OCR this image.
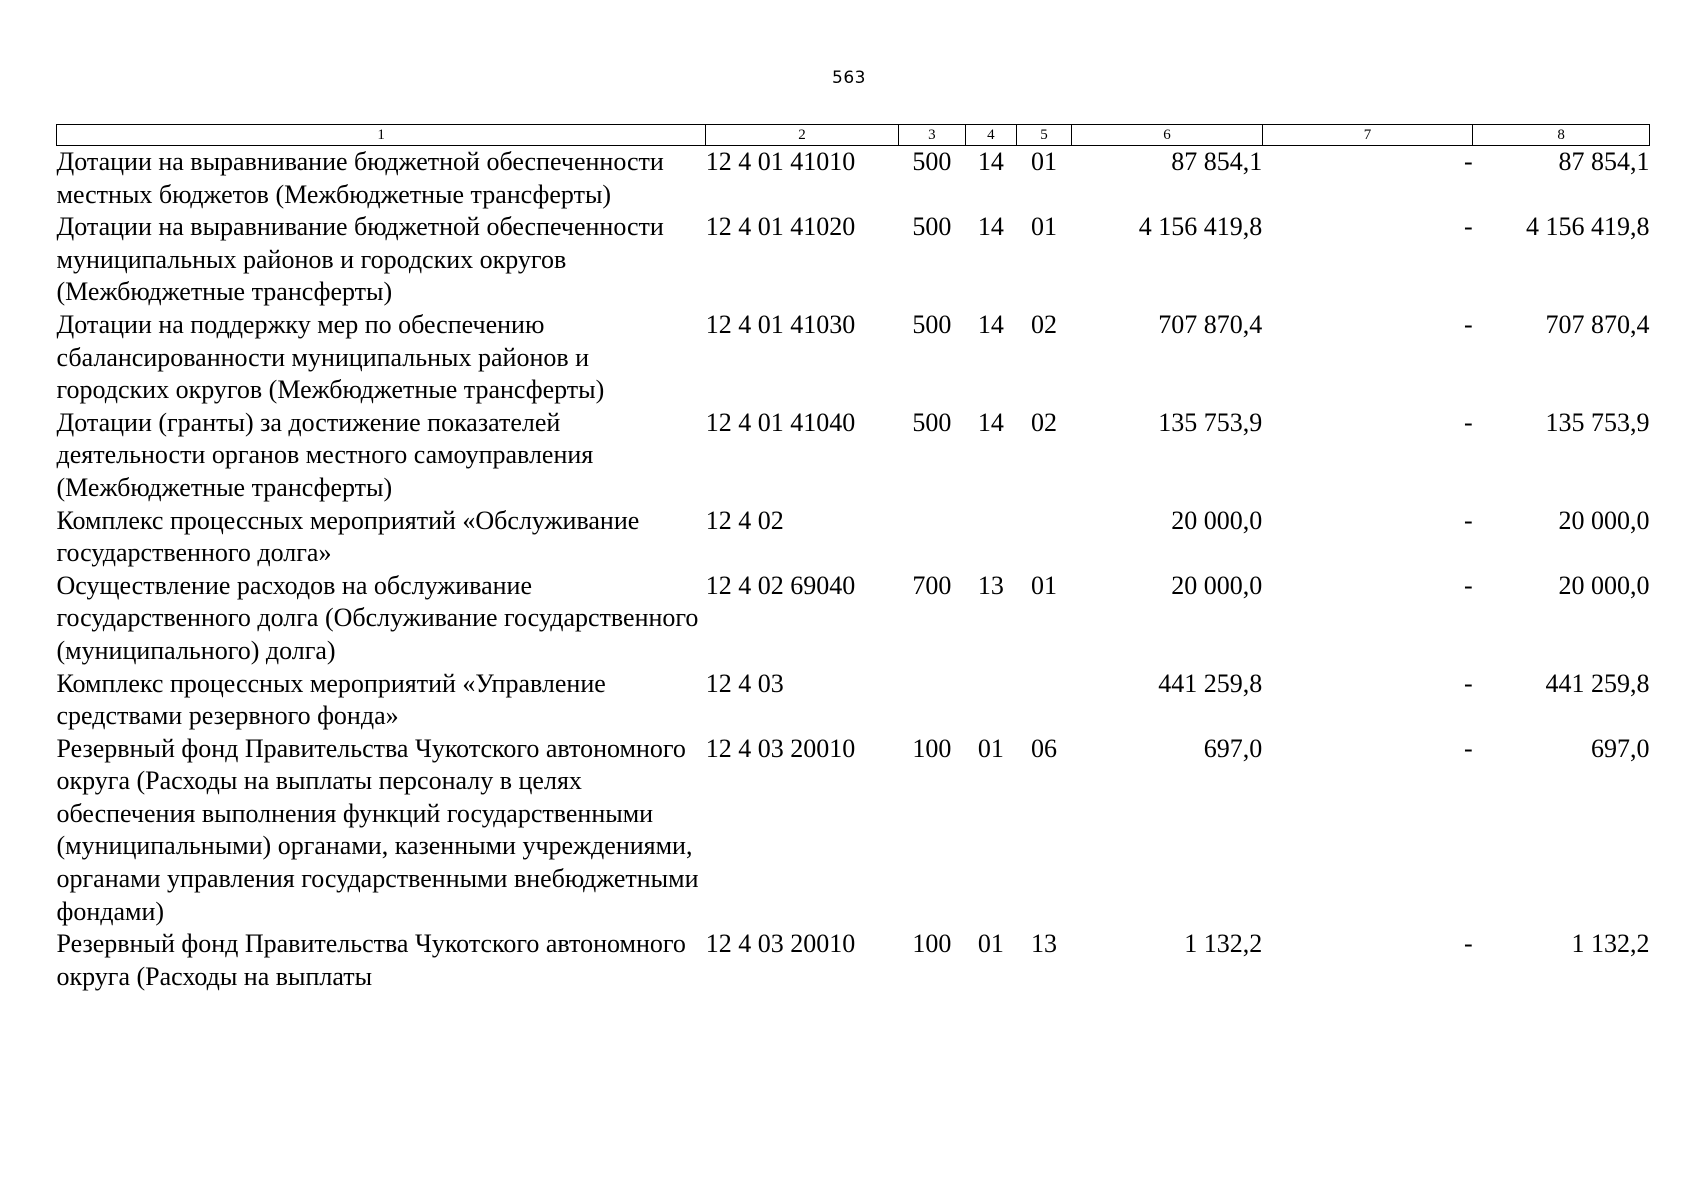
563
1	2	3	4	5	6	7	8
Дотации на выравнивание бюджетной обеспеченности местных бюджетов (Межбюджетные трансферты)	12 4 01 41010	500	14	01	87 854,1	-	87 854,1
Дотации на выравнивание бюджетной обеспеченности муниципальных районов и городских округов (Межбюджетные трансферты)	12 4 01 41020	500	14	01	4 156 419,8	-	4 156 419,8
Дотации на поддержку мер по обеспечению сбалансированности муниципальных районов и городских округов (Межбюджетные трансферты)	12 4 01 41030	500	14	02	707 870,4	-	707 870,4
Дотации (гранты) за достижение показателей деятельности органов местного самоуправления (Межбюджетные трансферты)	12 4 01 41040	500	14	02	135 753,9	-	135 753,9
Комплекс процессных мероприятий «Обслуживание государственного долга»	12 4 02				20 000,0	-	20 000,0
Осуществление расходов на обслуживание государственного долга (Обслуживание государственного (муниципального) долга)	12 4 02 69040	700	13	01	20 000,0	-	20 000,0
Комплекс процессных мероприятий «Управление средствами резервного фонда»	12 4 03				441 259,8	-	441 259,8
Резервный фонд Правительства Чукотского автономного округа (Расходы на выплаты персоналу в целях обеспечения выполнения функций государственными (муниципальными) органами, казенными учреждениями, органами управления государственными внебюджетными фондами)	12 4 03 20010	100	01	06	697,0	-	697,0
Резервный фонд Правительства Чукотского автономного округа (Расходы на выплаты	12 4 03 20010	100	01	13	1 132,2	-	1 132,2
